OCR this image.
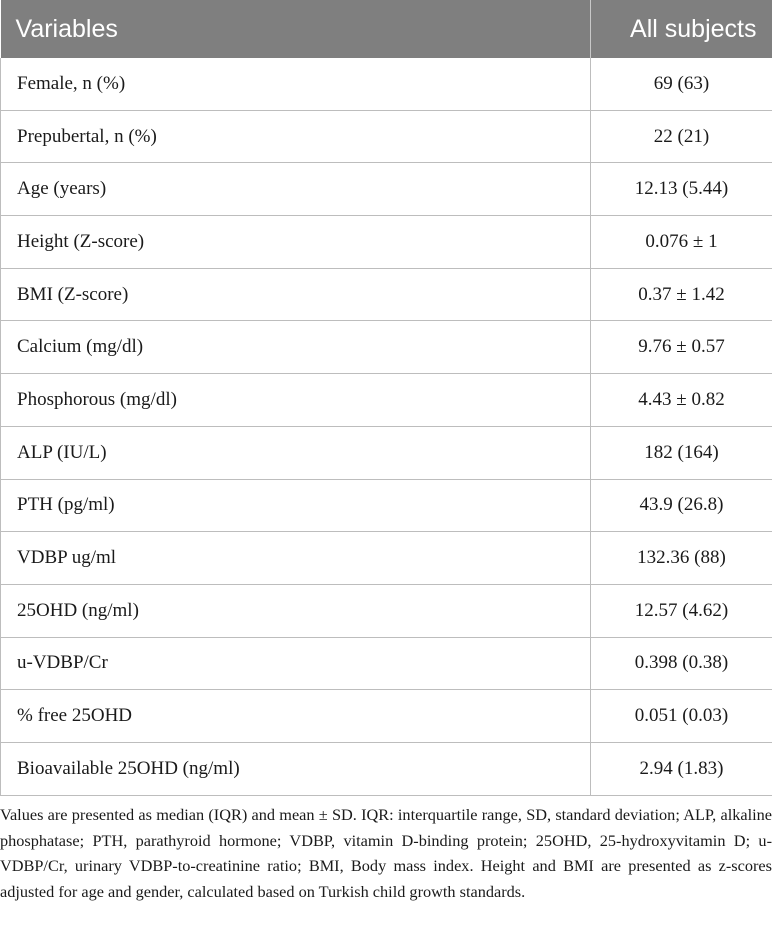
Variables	All subjects
Female, n (%)	69 (63)
Prepubertal, n (%)	22 (21)
Age (years)	12.13 (5.44)
Height (Z-score)	0.076 ± 1
BMI (Z-score)	0.37 ± 1.42
Calcium (mg/dl)	9.76 ± 0.57
Phosphorous (mg/dl)	4.43 ± 0.82
ALP (IU/L)	182 (164)
PTH (pg/ml)	43.9 (26.8)
VDBP ug/ml	132.36 (88)
25OHD (ng/ml)	12.57 (4.62)
u-VDBP/Cr	0.398 (0.38)
% free 25OHD	0.051 (0.03)
Bioavailable 25OHD (ng/ml)	2.94 (1.83)

Values are presented as median (IQR) and mean ± SD. IQR: interquartile range, SD, standard deviation; ALP, alkaline phosphatase; PTH, parathyroid hormone; VDBP, vitamin D-binding protein; 25OHD, 25-hydroxyvitamin D; u-VDBP/Cr, urinary VDBP-to-creatinine ratio; BMI, Body mass index. Height and BMI are presented as z-scores adjusted for age and gender, calculated based on Turkish child growth standards.
